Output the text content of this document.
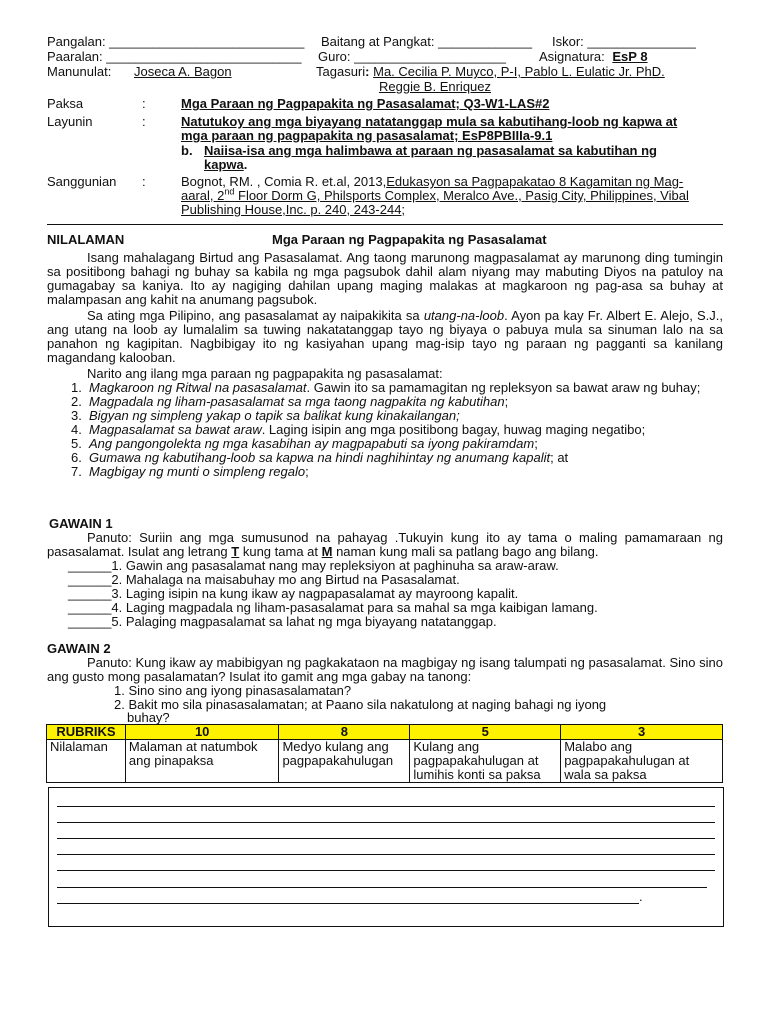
Pangalan: ___________________________ Baitang at Pangkat: _____________ Iskor: _______________
Paaralan: ___________________________ Guro: _____________________	Asignatura: EsP 8
Manunulat: Joseca A. Bagon	Tagasuri: Ma. Cecilia P. Muyco, P-I, Pablo L. Eulatic Jr. PhD.
Reggie B. Enriquez
Paksa	:	Mga Paraan ng Pagpapakita ng Pasasalamat; Q3-W1-LAS#2
Layunin	:	Natutukoy ang mga biyayang natatanggap mula sa kabutihang-loob ng kapwa at
mga paraan ng pagpapakita ng pasasalamat; EsP8PBIIIa-9.1
b. Naiisa-isa ang mga halimbawa at paraan ng pasasalamat sa kabutihan ng
kapwa.
Sanggunian :	Bognot, RM. , Comia R. et.al, 2013,Edukasyon sa Pagpapakatao 8 Kagamitan ng Mag-
aaral, 2nd Floor Dorm G, Philsports Complex, Meralco Ave., Pasig City, Philippines, Vibal
Publishing House,Inc. p. 240, 243-244;
NILALAMAN	Mga Paraan ng Pagpapakita ng Pasasalamat
Isang mahalagang Birtud ang Pasasalamat. Ang taong marunong magpasalamat ay marunong ding tumingin sa positibong bahagi ng buhay sa kabila ng mga pagsubok dahil alam niyang may mabuting Diyos na patuloy na gumagabay sa kaniya. Ito ay nagiging dahilan upang maging malakas at magkaroon ng pag-asa sa buhay at malampasan ang kahit na anumang pagsubok.
Sa ating mga Pilipino, ang pasasalamat ay naipakikita sa utang-na-loob. Ayon pa kay Fr. Albert E. Alejo, S.J., ang utang na loob ay lumalalim sa tuwing nakatatanggap tayo ng biyaya o pabuya mula sa sinuman lalo na sa panahon ng kagipitan. Nagbibigay ito ng kasiyahan upang mag-isip tayo ng paraan ng pagganti sa kanilang magandang kalooban.
Narito ang ilang mga paraan ng pagpapakita ng pasasalamat:
1. Magkaroon ng Ritwal na pasasalamat. Gawin ito sa pamamagitan ng repleksyon sa bawat araw ng buhay;
2. Magpadala ng liham-pasasalamat sa mga taong nagpakita ng kabutihan;
3. Bigyan ng simpleng yakap o tapik sa balikat kung kinakailangan;
4. Magpasalamat sa bawat araw. Laging isipin ang mga positibong bagay, huwag maging negatibo;
5. Ang pangongolekta ng mga kasabihan ay magpapabuti sa iyong pakiramdam;
6. Gumawa ng kabutihang-loob sa kapwa na hindi naghihintay ng anumang kapalit; at
7. Magbigay ng munti o simpleng regalo;
GAWAIN 1
Panuto: Suriin ang mga sumusunod na pahayag .Tukuyin kung ito ay tama o maling pamamaraan ng pasasalamat. Isulat ang letrang T kung tama at M naman kung mali sa patlang bago ang bilang.
______1. Gawin ang pasasalamat nang may repleksiyon at paghinuha sa araw-araw.
______2. Mahalaga na maisabuhay mo ang Birtud na Pasasalamat.
______3. Laging isipin na kung ikaw ay nagpapasalamat ay mayroong kapalit.
______4. Laging magpadala ng liham-pasasalamat para sa mahal sa mga kaibigan lamang.
______5. Palaging magpasalamat sa lahat ng mga biyayang natatanggap.
GAWAIN 2
Panuto: Kung ikaw ay mabibigyan ng pagkakataon na magbigay ng isang talumpati ng pasasalamat. Sino sino ang gusto mong pasalamatan? Isulat ito gamit ang mga gabay na tanong:
1. Sino sino ang iyong pinasasalamatan?
2. Bakit mo sila pinasasalamatan; at Paano sila nakatulong at naging bahagi ng iyong
buhay?
RUBRIKS	10	8	5	3
Nilalaman	Malaman at natumbok ang pinapaksa	Medyo kulang ang pagpapakahulugan	Kulang ang pagpapakahulugan at lumihis konti sa paksa	Malabo ang pagpapakahulugan at wala sa paksa
.
